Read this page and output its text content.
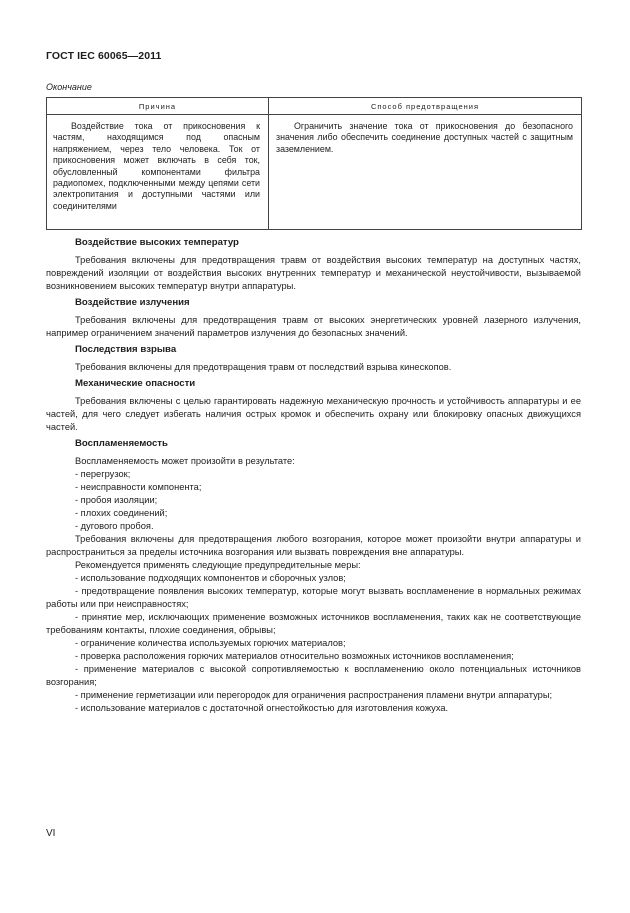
ГОСТ IEC 60065—2011
Окончание
Причина	Способ предотвращения

Воздействие тока от прикосновения к частям, находящимся под опасным напряжением, через тело человека. Ток от прикосновения может включать в себя ток, обусловленный компонентами фильтра радиопомех, подключенными между цепями сети электропитания и доступными частями или соединителями	Ограничить значение тока от прикосновения до безопасного значения либо обеспечить соединение доступных частей с защитным заземлением.
Воздействие высоких температур

Требования включены для предотвращения травм от воздействия высоких температур на доступных частях, повреждений изоляции от воздействия высоких внутренних температур и механической неустойчивости, вызываемой возникновением высоких температур внутри аппаратуры.

Воздействие излучения

Требования включены для предотвращения травм от высоких энергетических уровней лазерного излучения, например ограничением значений параметров излучения до безопасных значений.

Последствия взрыва

Требования включены для предотвращения травм от последствий взрыва кинескопов.

Механические опасности

Требования включены с целью гарантировать надежную механическую прочность и устойчивость аппаратуры и ее частей, для чего следует избегать наличия острых кромок и обеспечить охрану или блокировку опасных движущихся частей.

Воспламеняемость

Воспламеняемость может произойти в результате:

- перегрузок;

- неисправности компонента;

- пробоя изоляции;

- плохих соединений;

- дугового пробоя.

Требования включены для предотвращения любого возгорания, которое может произойти внутри аппаратуры и распространиться за пределы источника возгорания или вызвать повреждения вне аппаратуры.

Рекомендуется применять следующие предупредительные меры:

- использование подходящих компонентов и сборочных узлов;

- предотвращение появления высоких температур, которые могут вызвать воспламенение в нормальных режимах работы или при неисправностях;

- принятие мер, исключающих применение возможных источников воспламенения, таких как не соответствующие требованиям контакты, плохие соединения, обрывы;

- ограничение количества используемых горючих материалов;

- проверка расположения горючих материалов относительно возможных источников воспламенения;

- применение материалов с высокой сопротивляемостью к воспламенению около потенциальных источников возгорания;

- применение герметизации или перегородок для ограничения распространения пламени внутри аппаратуры;

- использование материалов с достаточной огнестойкостью для изготовления кожуха.

VI
